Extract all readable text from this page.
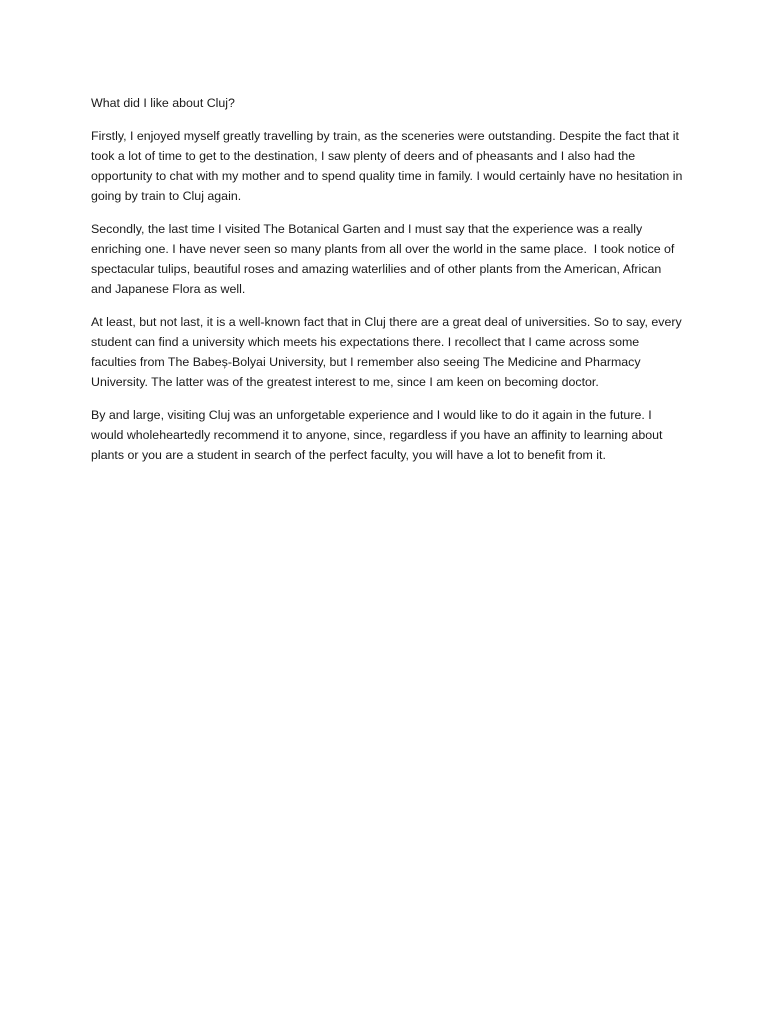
What did I like about Cluj?

Firstly, I enjoyed myself greatly travelling by train, as the sceneries were outstanding. Despite the fact that it took a lot of time to get to the destination, I saw plenty of deers and of pheasants and I also had the opportunity to chat with my mother and to spend quality time in family. I would certainly have no hesitation in going by train to Cluj again.

Secondly, the last time I visited The Botanical Garten and I must say that the experience was a really enriching one. I have never seen so many plants from all over the world in the same place.  I took notice of spectacular tulips, beautiful roses and amazing waterlilies and of other plants from the American, African and Japanese Flora as well.

At least, but not last, it is a well-known fact that in Cluj there are a great deal of universities. So to say, every student can find a university which meets his expectations there. I recollect that I came across some faculties from The Babeș-Bolyai University, but I remember also seeing The Medicine and Pharmacy University. The latter was of the greatest interest to me, since I am keen on becoming doctor.

By and large, visiting Cluj was an unforgetable experience and I would like to do it again in the future. I would wholeheartedly recommend it to anyone, since, regardless if you have an affinity to learning about plants or you are a student in search of the perfect faculty, you will have a lot to benefit from it.
